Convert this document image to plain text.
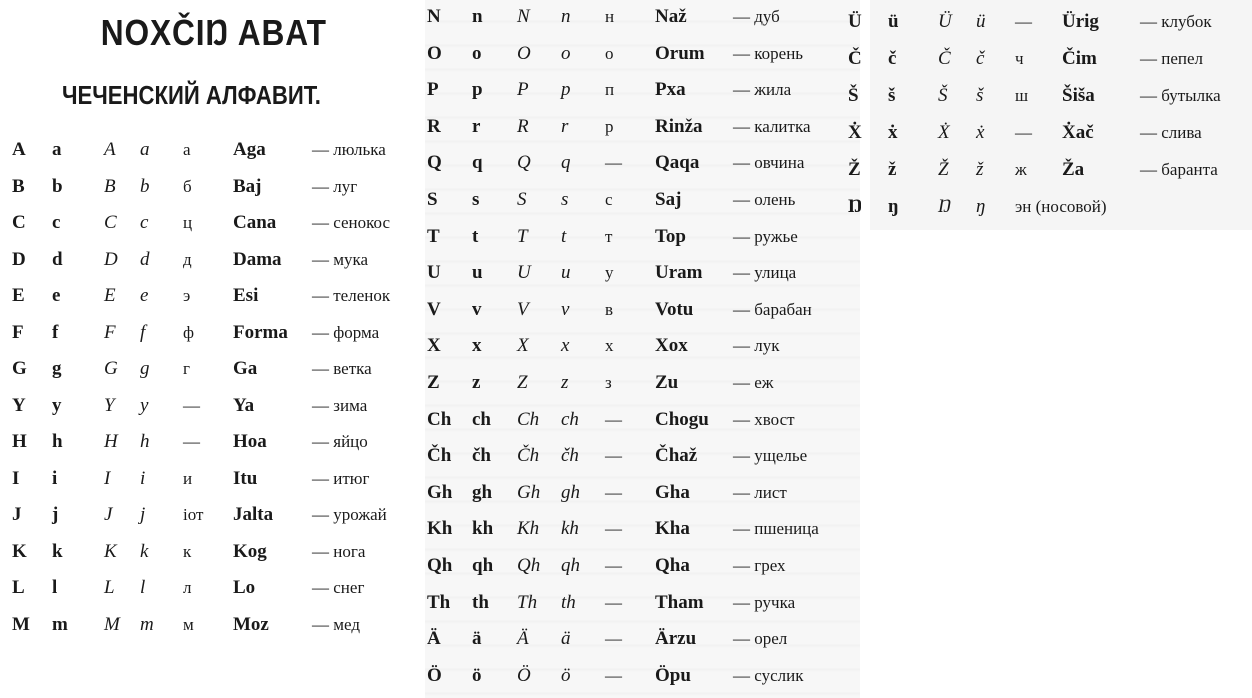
NOXČIŊ ABAT
ЧЕЧЕНСКИЙ АЛФАВИТ.
A a A a a Aga	— люлька
B b B b б Baj	— луг
C c C c ц Cana — сенокос
D d D d д Dama — мука
E e E e э Esi	— теленок
F f F f ф Forma — форма
G g G g г Ga	— ветка
Y y Y y — Ya	— зима
H h H h — Hoa	— яйцо
I i I i и Itu	— итюг
J j J j iот Jalta — урожай
K k K k к Kog	— нога
L l L l л Lo	— снег
M m M m м Moz	— мед
N n N n н Naž	— дуб
O o O o o Orum — корень
P p P p п Pxa	— жила
R r R r p Rinža — калитка
Q q Q q — Qaqa — овчина
S s S s с Saj	— олень
T t T t т Top	— ружье
U u U u у Uram — улица
V v V v в Votu — барабан
X x X x х Xox	— лук
Z z Z z з Zu	— еж
Ch ch Ch ch — Chogu — хвост
Čh čh Čh čh — Čhaž — ущелье
Gh gh Gh gh — Gha	— лист
Kh kh Kh kh — Kha	— пшеница
Qh qh Qh qh — Qha	— грех
Th th Th th — Tham — ручка
Ä ä Ä ä — Ärzu — орел
Ö ö Ö ö — Öpu — суслик
Ü ü Ü ü — Ürig — клубок
Č č Č č ч Čim	— пепел
Š š Š š ш Šiša	— бутылка
Ẋ ẋ Ẋ ẋ — Ẋač	— слива
Ž ž Ž ž ж Ža	— баранта
Ŋ ŋ Ŋ ŋ эн (носовой)
